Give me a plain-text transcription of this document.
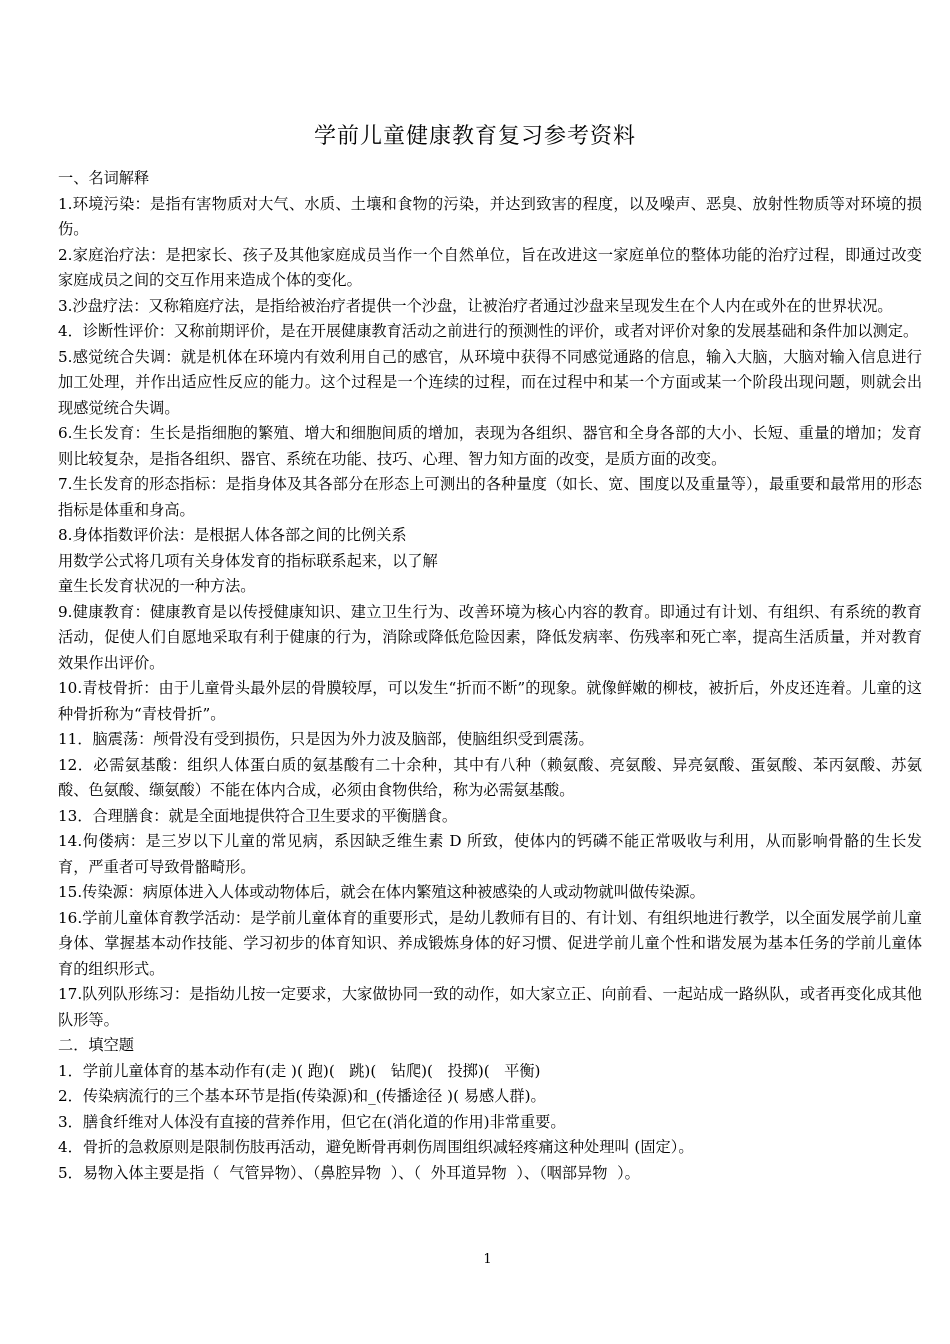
学前儿童健康教育复习参考资料

一、名词解释

1.环境污染：是指有害物质对大气、水质、土壤和食物的污染，并达到致害的程度，以及噪声、恶臭、放射性物质等对环境的损伤。

2.家庭治疗法：是把家长、孩子及其他家庭成员当作一个自然单位，旨在改进这一家庭单位的整体功能的治疗过程，即通过改变家庭成员之间的交互作用来造成个体的变化。

3.沙盘疗法：又称箱庭疗法，是指给被治疗者提供一个沙盘，让被治疗者通过沙盘来呈现发生在个人内在或外在的世界状况。

4．诊断性评价：又称前期评价，是在开展健康教育活动之前进行的预测性的评价，或者对评价对象的发展基础和条件加以测定。

5.感觉统合失调：就是机体在环境内有效利用自己的感官，从环境中获得不同感觉通路的信息，输入大脑，大脑对输入信息进行加工处理，并作出适应性反应的能力。这个过程是一个连续的过程，而在过程中和某一个方面或某一个阶段出现问题，则就会出现感觉统合失调。

6.生长发育：生长是指细胞的繁殖、增大和细胞间质的增加，表现为各组织、器官和全身各部的大小、长短、重量的增加；发育则比较复杂，是指各组织、器官、系统在功能、技巧、心理、智力知方面的改变，是质方面的改变。

7.生长发育的形态指标：是指身体及其各部分在形态上可测出的各种量度（如长、宽、围度以及重量等），最重要和最常用的形态指标是体重和身高。

8.身体指数评价法：是根据人体各部之间的比例关系

用数学公式将几项有关身体发育的指标联系起来，以了解

童生长发育状况的一种方法。

9.健康教育：健康教育是以传授健康知识、建立卫生行为、改善环境为核心内容的教育。即通过有计划、有组织、有系统的教育活动，促使人们自愿地采取有利于健康的行为，消除或降低危险因素，降低发病率、伤残率和死亡率，提高生活质量，并对教育效果作出评价。

10.青枝骨折：由于儿童骨头最外层的骨膜较厚，可以发生“折而不断”的现象。就像鲜嫩的柳枝，被折后，外皮还连着。儿童的这种骨折称为“青枝骨折”。

11．脑震荡：颅骨没有受到损伤，只是因为外力波及脑部，使脑组织受到震荡。

12．必需氨基酸：组织人体蛋白质的氨基酸有二十余种，其中有八种（赖氨酸、亮氨酸、异亮氨酸、蛋氨酸、苯丙氨酸、苏氨酸、色氨酸、缬氨酸）不能在体内合成，必须由食物供给，称为必需氨基酸。

13．合理膳食：就是全面地提供符合卫生要求的平衡膳食。

14.佝偻病：是三岁以下儿童的常见病，系因缺乏维生素 D 所致，使体内的钙磷不能正常吸收与利用，从而影响骨骼的生长发育，严重者可导致骨骼畸形。

15.传染源：病原体进入人体或动物体后，就会在体内繁殖这种被感染的人或动物就叫做传染源。

16.学前儿童体育教学活动：是学前儿童体育的重要形式，是幼儿教师有目的、有计划、有组织地进行教学，以全面发展学前儿童身体、掌握基本动作技能、学习初步的体育知识、养成锻炼身体的好习惯、促进学前儿童个性和谐发展为基本任务的学前儿童体育的组织形式。

17.队列队形练习：是指幼儿按一定要求，大家做协同一致的动作，如大家立正、向前看、一起站成一路纵队，或者再变化成其他队形等。

二．填空题

1．学前儿童体育的基本动作有(走 )( 跑)(   跳)(   钻爬)(   投掷)(   平衡)

2．传染病流行的三个基本环节是指(传染源)和_(传播途径 )( 易感人群)。

3．膳食纤维对人体没有直接的营养作用，但它在(消化道的作用)非常重要。

4．骨折的急救原则是限制伤肢再活动，避免断骨再刺伤周围组织减轻疼痛这种处理叫 (固定）。

5．易物入体主要是指（  气管异物）、（鼻腔异物  ）、（  外耳道异物  ）、（咽部异物  ）。

1
